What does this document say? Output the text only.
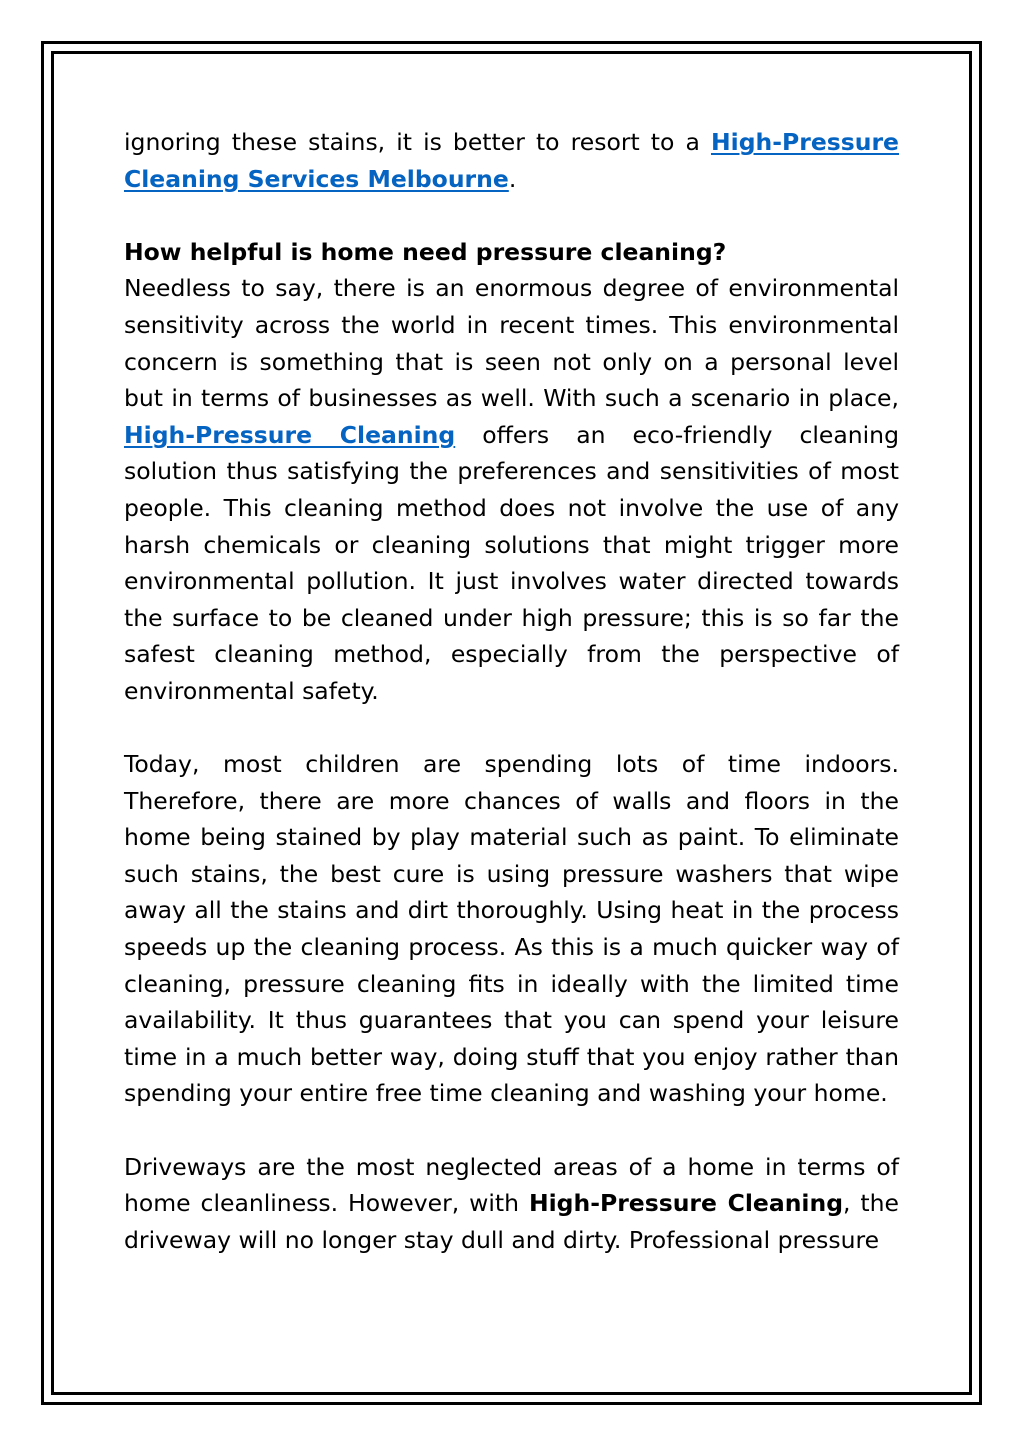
ignoring these stains, it is better to resort to a High-Pressure Cleaning Services Melbourne.

How helpful is home need pressure cleaning?

Needless to say, there is an enormous degree of environmental sensitivity across the world in recent times. This environmental concern is something that is seen not only on a personal level but in terms of businesses as well. With such a scenario in place, High-Pressure Cleaning offers an eco-friendly cleaning solution thus satisfying the preferences and sensitivities of most people. This cleaning method does not involve the use of any harsh chemicals or cleaning solutions that might trigger more environmental pollution. It just involves water directed towards the surface to be cleaned under high pressure; this is so far the safest cleaning method, especially from the perspective of environmental safety.

Today, most children are spending lots of time indoors. Therefore, there are more chances of walls and floors in the home being stained by play material such as paint. To eliminate such stains, the best cure is using pressure washers that wipe away all the stains and dirt thoroughly. Using heat in the process speeds up the cleaning process. As this is a much quicker way of cleaning, pressure cleaning fits in ideally with the limited time availability. It thus guarantees that you can spend your leisure time in a much better way, doing stuff that you enjoy rather than spending your entire free time cleaning and washing your home.

Driveways are the most neglected areas of a home in terms of home cleanliness. However, with High-Pressure Cleaning, the driveway will no longer stay dull and dirty. Professional pressure
